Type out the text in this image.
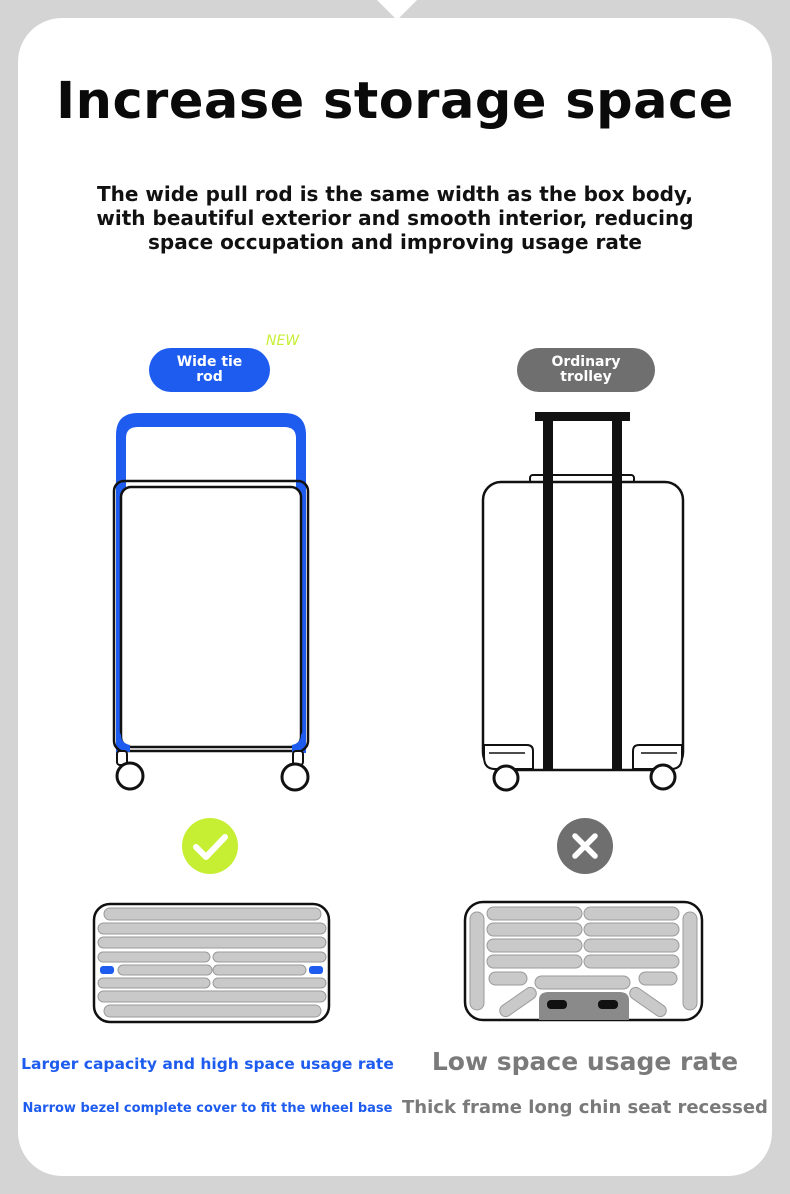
Increase storage space
The wide pull rod is the same width as the box body, with beautiful exterior and smooth interior, reducing space occupation and improving usage rate
Wide tie
rod
NEW
Ordinary
trolley
Larger capacity and high space usage rate
Narrow bezel complete cover to fit the wheel base
Low space usage rate
Thick frame long chin seat recessed
